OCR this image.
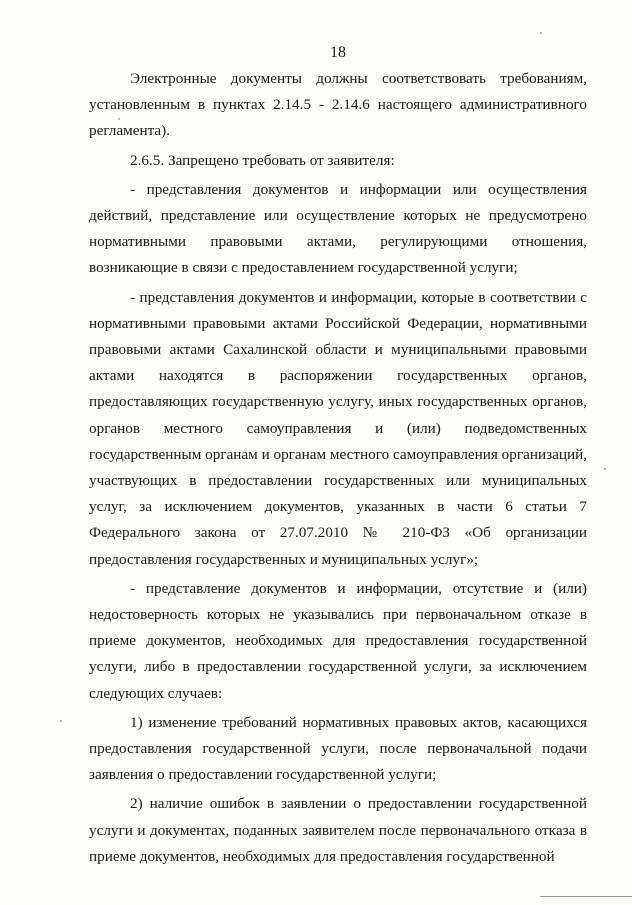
18

Электронные документы должны соответствовать требованиям, установленным в пунктах 2.14.5 - 2.14.6 настоящего административного регламента).

2.6.5. Запрещено требовать от заявителя:

- представления документов и информации или осуществления действий, представление или осуществление которых не предусмотрено нормативными правовыми актами, регулирующими отношения, возникающие в связи с предоставлением государственной услуги;

- представления документов и информации, которые в соответствии с нормативными правовыми актами Российской Федерации, нормативными правовыми актами Сахалинской области и муниципальными правовыми актами находятся в распоряжении государственных органов, предоставляющих государственную услугу, иных государственных органов, органов местного самоуправления и (или) подведомственных государственным органам и органам местного самоуправления организаций, участвующих в предоставлении государственных или муниципальных услуг, за исключением документов, указанных в части 6 статьи 7 Федерального закона от 27.07.2010 № 210-ФЗ «Об организации предоставления государственных и муниципальных услуг»;

- представление документов и информации, отсутствие и (или) недостоверность которых не указывались при первоначальном отказе в приеме документов, необходимых для предоставления государственной услуги, либо в предоставлении государственной услуги, за исключением следующих случаев:

1) изменение требований нормативных правовых актов, касающихся предоставления государственной услуги, после первоначальной подачи заявления о предоставлении государственной услуги;

2) наличие ошибок в заявлении о предоставлении государственной услуги и документах, поданных заявителем после первоначального отказа в приеме документов, необходимых для предоставления государственной
